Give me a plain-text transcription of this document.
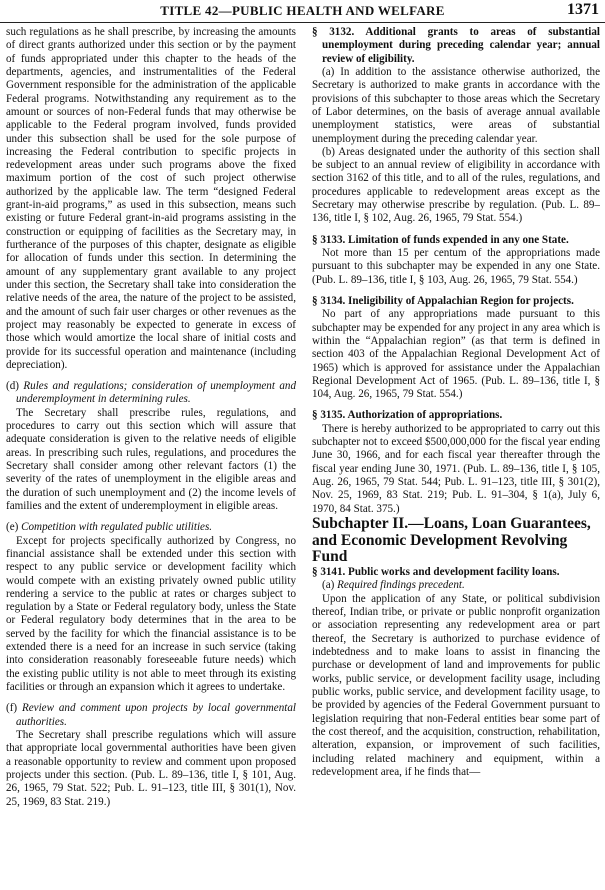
TITLE 42—PUBLIC HEALTH AND WELFARE	1371

such regulations as he shall prescribe, by increasing the amounts of direct grants authorized under this section or by the payment of funds appropriated under this chapter to the heads of the departments, agencies, and instrumentalities of the Federal Government responsible for the administration of the applicable Federal programs. Notwithstanding any requirement as to the amount or sources of non-Federal funds that may otherwise be applicable to the Federal program involved, funds provided under this subsection shall be used for the sole purpose of increasing the Federal contribution to specific projects in redevelopment areas under such programs above the fixed maximum portion of the cost of such project otherwise authorized by the applicable law. The term “designed Federal grant-in-aid programs,” as used in this subsection, means such existing or future Federal grant-in-aid programs assisting in the construction or equipping of facilities as the Secretary may, in furtherance of the purposes of this chapter, designate as eligible for allocation of funds under this section. In determining the amount of any supplementary grant available to any project under this section, the Secretary shall take into consideration the relative needs of the area, the nature of the project to be assisted, and the amount of such fair user charges or other revenues as the project may reasonably be expected to generate in excess of those which would amortize the local share of initial costs and provide for its successful operation and maintenance (including depreciation).

(d) Rules and regulations; consideration of unemployment and underemployment in determining rules.

The Secretary shall prescribe rules, regulations, and procedures to carry out this section which will assure that adequate consideration is given to the relative needs of eligible areas. In prescribing such rules, regulations, and procedures the Secretary shall consider among other relevant factors (1) the severity of the rates of unemployment in the eligible areas and the duration of such unemployment and (2) the income levels of families and the extent of underemployment in eligible areas.

(e) Competition with regulated public utilities.

Except for projects specifically authorized by Congress, no financial assistance shall be extended under this section with respect to any public service or development facility which would compete with an existing privately owned public utility rendering a service to the public at rates or charges subject to regulation by a State or Federal regulatory body, unless the State or Federal regulatory body determines that in the area to be served by the facility for which the financial assistance is to be extended there is a need for an increase in such service (taking into consideration reasonably foreseeable future needs) which the existing public utility is not able to meet through its existing facilities or through an expansion which it agrees to undertake.

(f) Review and comment upon projects by local governmental authorities.

The Secretary shall prescribe regulations which will assure that appropriate local governmental authorities have been given a reasonable opportunity to review and comment upon proposed projects under this section. (Pub. L. 89–136, title I, § 101, Aug. 26, 1965, 79 Stat. 522; Pub. L. 91–123, title III, § 301(1), Nov. 25, 1969, 83 Stat. 219.)

§ 3132. Additional grants to areas of substantial unemployment during preceding calendar year; annual review of eligibility.

(a) In addition to the assistance otherwise authorized, the Secretary is authorized to make grants in accordance with the provisions of this subchapter to those areas which the Secretary of Labor determines, on the basis of average annual available unemployment statistics, were areas of substantial unemployment during the preceding calendar year.

(b) Areas designated under the authority of this section shall be subject to an annual review of eligibility in accordance with section 3162 of this title, and to all of the rules, regulations, and procedures applicable to redevelopment areas except as the Secretary may otherwise prescribe by regulation. (Pub. L. 89–136, title I, § 102, Aug. 26, 1965, 79 Stat. 554.)

§ 3133. Limitation of funds expended in any one State.

Not more than 15 per centum of the appropriations made pursuant to this subchapter may be expended in any one State. (Pub. L. 89–136, title I, § 103, Aug. 26, 1965, 79 Stat. 554.)

§ 3134. Ineligibility of Appalachian Region for projects.

No part of any appropriations made pursuant to this subchapter may be expended for any project in any area which is within the “Appalachian region” (as that term is defined in section 403 of the Appalachian Regional Development Act of 1965) which is approved for assistance under the Appalachian Regional Development Act of 1965. (Pub. L. 89–136, title I, § 104, Aug. 26, 1965, 79 Stat. 554.)

§ 3135. Authorization of appropriations.

There is hereby authorized to be appropriated to carry out this subchapter not to exceed $500,000,000 for the fiscal year ending June 30, 1966, and for each fiscal year thereafter through the fiscal year ending June 30, 1971. (Pub. L. 89–136, title I, § 105, Aug. 26, 1965, 79 Stat. 544; Pub. L. 91–123, title III, § 301(2), Nov. 25, 1969, 83 Stat. 219; Pub. L. 91–304, § 1(a), July 6, 1970, 84 Stat. 375.)

Subchapter II.—Loans, Loan Guarantees, and Economic Development Revolving Fund

§ 3141. Public works and development facility loans.

(a) Required findings precedent.

Upon the application of any State, or political subdivision thereof, Indian tribe, or private or public nonprofit organization or association representing any redevelopment area or part thereof, the Secretary is authorized to purchase evidence of indebtedness and to make loans to assist in financing the purchase or development of land and improvements for public works, public service, or development facility usage, including public works, public service, and development facility usage, to be provided by agencies of the Federal Government pursuant to legislation requiring that non-Federal entities bear some part of the cost thereof, and the acquisition, construction, rehabilitation, alteration, expansion, or improvement of such facilities, including related machinery and equipment, within a redevelopment area, if he finds that—
